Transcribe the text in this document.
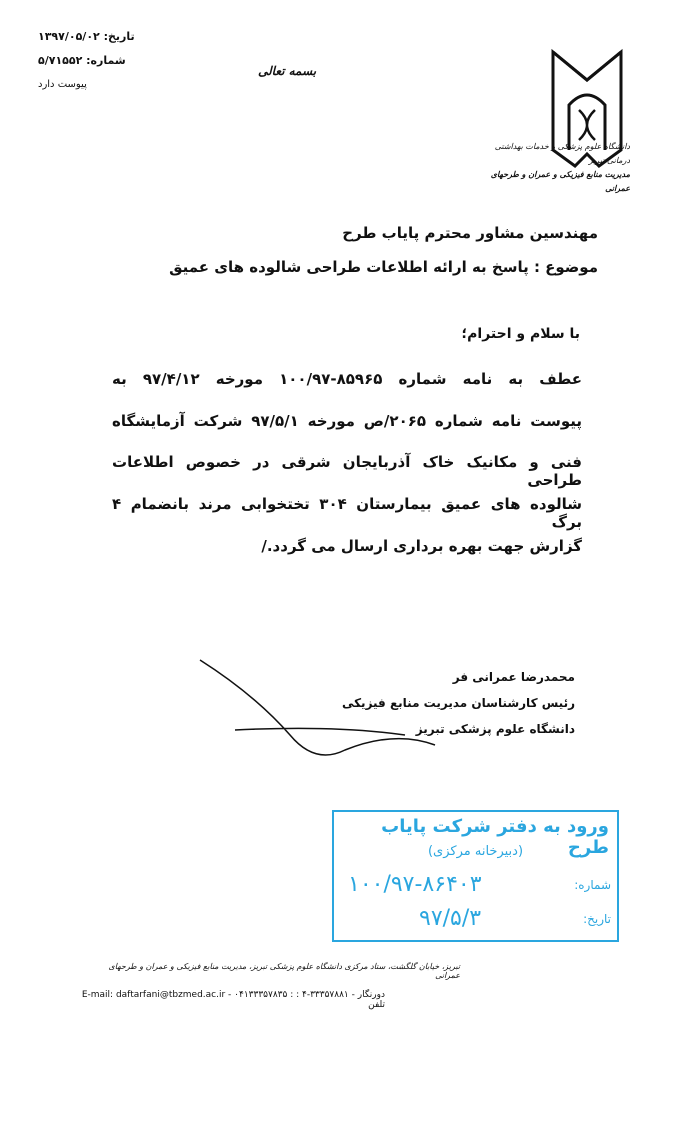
تاریخ: ۱۳۹۷/۰۵/۰۲
شماره: ۵/۷۱۵۵۲
پیوست دارد
بسمه تعالی
دانشگاه علوم پزشکی و خدمات بهداشتی درمانی تبریز
مدیریت منابع فیزیکی و عمران و طرحهای عمرانی
مهندسین مشاور محترم پایاب طرح
موضوع : پاسخ به ارائه اطلاعات طراحی شالوده های عمیق
با سلام و احترام؛
عطف به نامه شماره ۸۵۹۶۵-۱۰۰/۹۷ مورخه ۹۷/۴/۱۲ به
پیوست نامه شماره ۲۰۶۵/ص مورخه ۹۷/۵/۱ شرکت آزمایشگاه
فنی و مکانیک خاک آذربایجان شرقی در خصوص اطلاعات طراحی
شالوده های عمیق بیمارستان ۳۰۴ تختخوابی مرند بانضمام ۴ برگ
گزارش جهت بهره برداری ارسال می گردد./
محمدرضا عمرانی فر
رئیس کارشناسان مدیریت منابع فیزیکی
دانشگاه علوم پزشکی تبریز
ورود به دفتر شرکت پایاب طرح
(دبیرخانه مرکزی)
شماره:
۱۰۰/۹۷-۸۶۴۰۳
تاریخ:
۹۷/۵/۳
تبریز، خیابان گلگشت، ستاد مرکزی دانشگاه علوم پزشکی تبریز، مدیریت منابع فیزیکی و عمران و طرحهای عمرانی
E-mail: daftarfani@tbzmed.ac.ir - ۰۴۱۳۳۳۵۷۸۳۵ : دورنگار - ۳۳۳۵۷۸۸۱-۴ : تلفن
